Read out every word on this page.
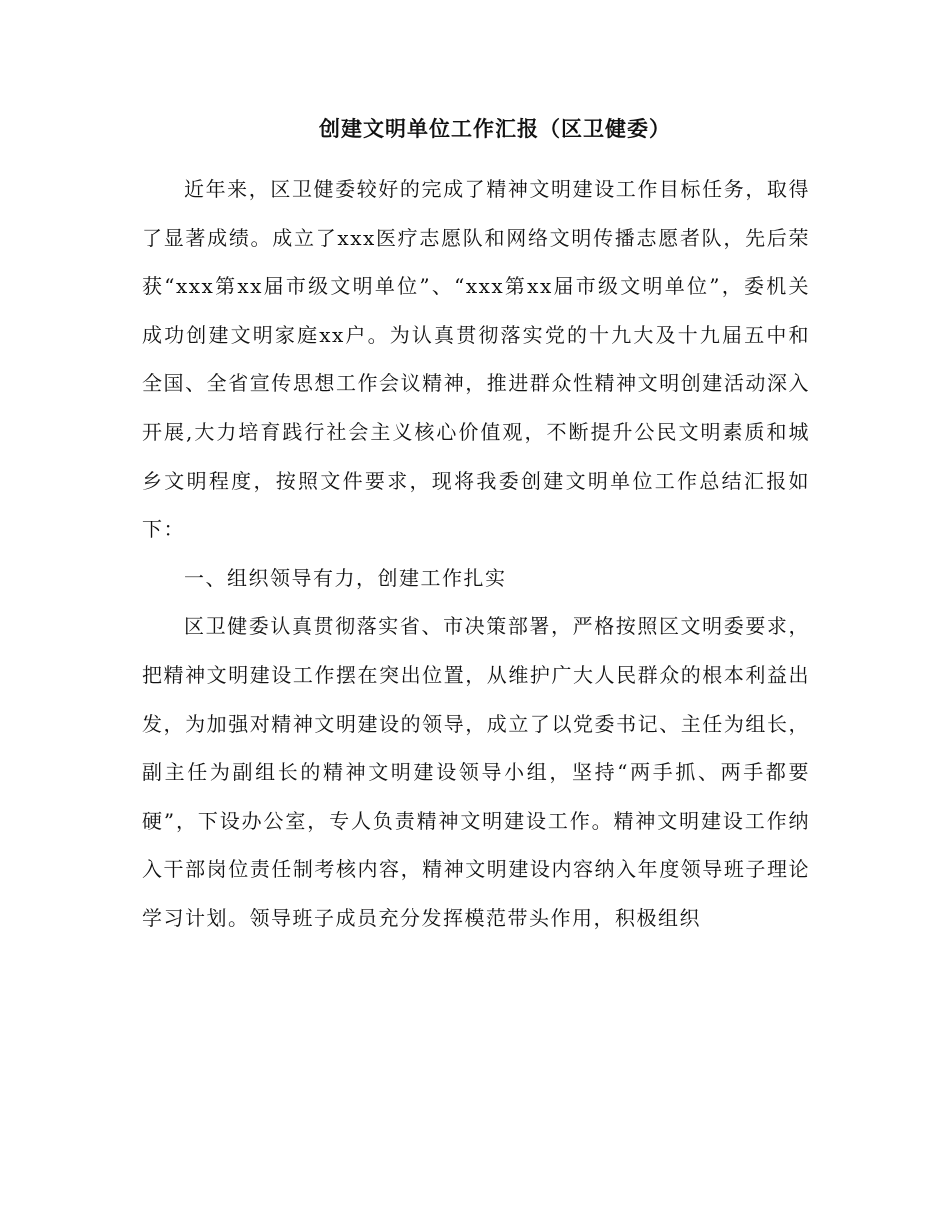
创建文明单位工作汇报（区卫健委）

近年来，区卫健委较好的完成了精神文明建设工作目标任务，取得了显著成绩。成立了xxx医疗志愿队和网络文明传播志愿者队，先后荣获“xxx第xx届市级文明单位”、“xxx第xx届市级文明单位”，委机关成功创建文明家庭xx户。为认真贯彻落实党的十九大及十九届五中和全国、全省宣传思想工作会议精神，推进群众性精神文明创建活动深入开展,大力培育践行社会主义核心价值观，不断提升公民文明素质和城乡文明程度，按照文件要求，现将我委创建文明单位工作总结汇报如下：

一、组织领导有力，创建工作扎实

区卫健委认真贯彻落实省、市决策部署，严格按照区文明委要求，把精神文明建设工作摆在突出位置，从维护广大人民群众的根本利益出发，为加强对精神文明建设的领导，成立了以党委书记、主任为组长，副主任为副组长的精神文明建设领导小组，坚持“两手抓、两手都要硬”，下设办公室，专人负责精神文明建设工作。精神文明建设工作纳入干部岗位责任制考核内容，精神文明建设内容纳入年度领导班子理论学习计划。领导班子成员充分发挥模范带头作用，积极组织
